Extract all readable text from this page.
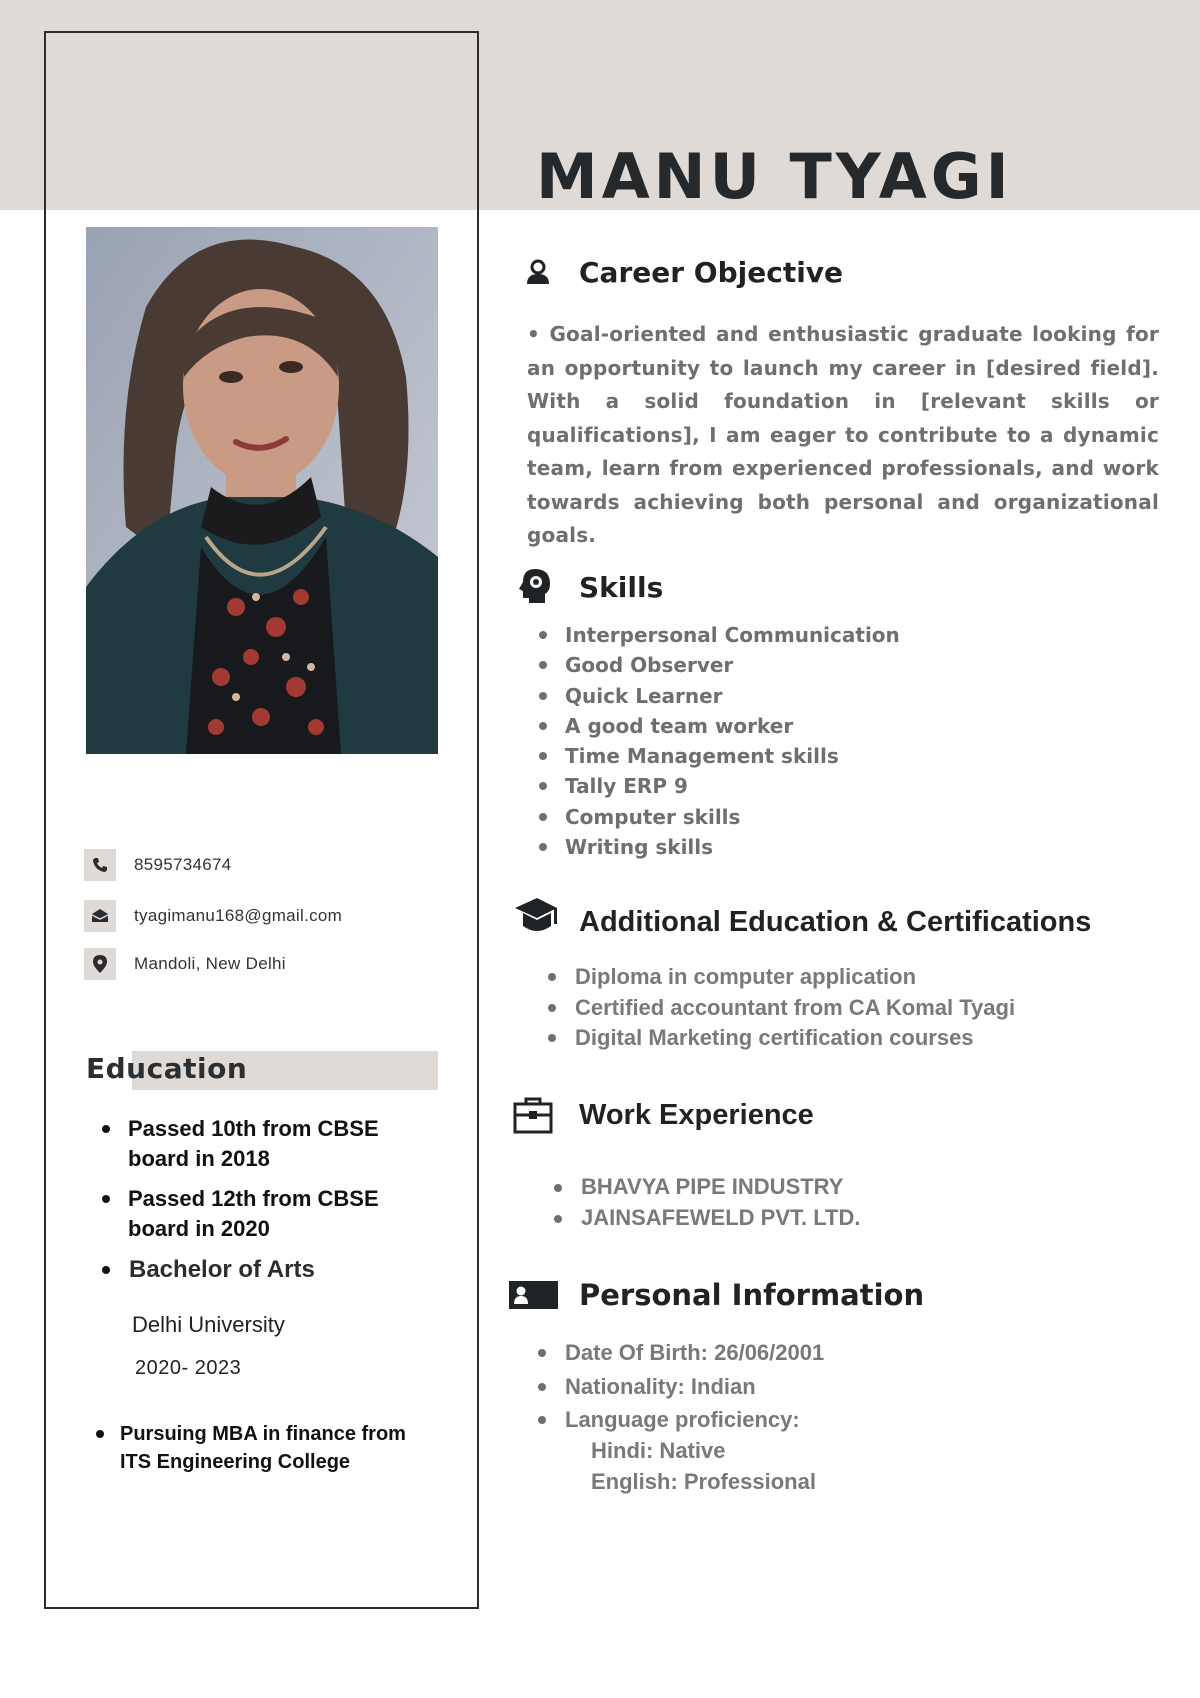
MANU TYAGI
8595734674
tyagimanu168@gmail.com
Mandoli, New Delhi
Education
Passed 10th from CBSE
board in 2018
Passed 12th from CBSE
board in 2020
Bachelor of Arts
Delhi University
2020- 2023
Pursuing MBA in finance from
ITS Engineering College
Career Objective

• Goal-oriented and enthusiastic graduate looking for an opportunity to launch my career in [desired field]. With a solid foundation in [relevant skills or qualifications], I am eager to contribute to a dynamic team, learn from experienced professionals, and work towards achieving both personal and organizational goals.

Skills
Interpersonal Communication
Good Observer
Quick Learner
A good team worker
Time Management skills
Tally ERP 9
Computer skills
Writing skills
Additional Education & Certifications
Diploma in computer application
Certified accountant from CA Komal Tyagi
Digital Marketing certification courses
Work Experience
BHAVYA PIPE INDUSTRY
JAINSAFEWELD PVT. LTD.
Personal Information
Date Of Birth: 26/06/2001
Nationality: Indian
Language proficiency:
Hindi: Native
English: Professional
